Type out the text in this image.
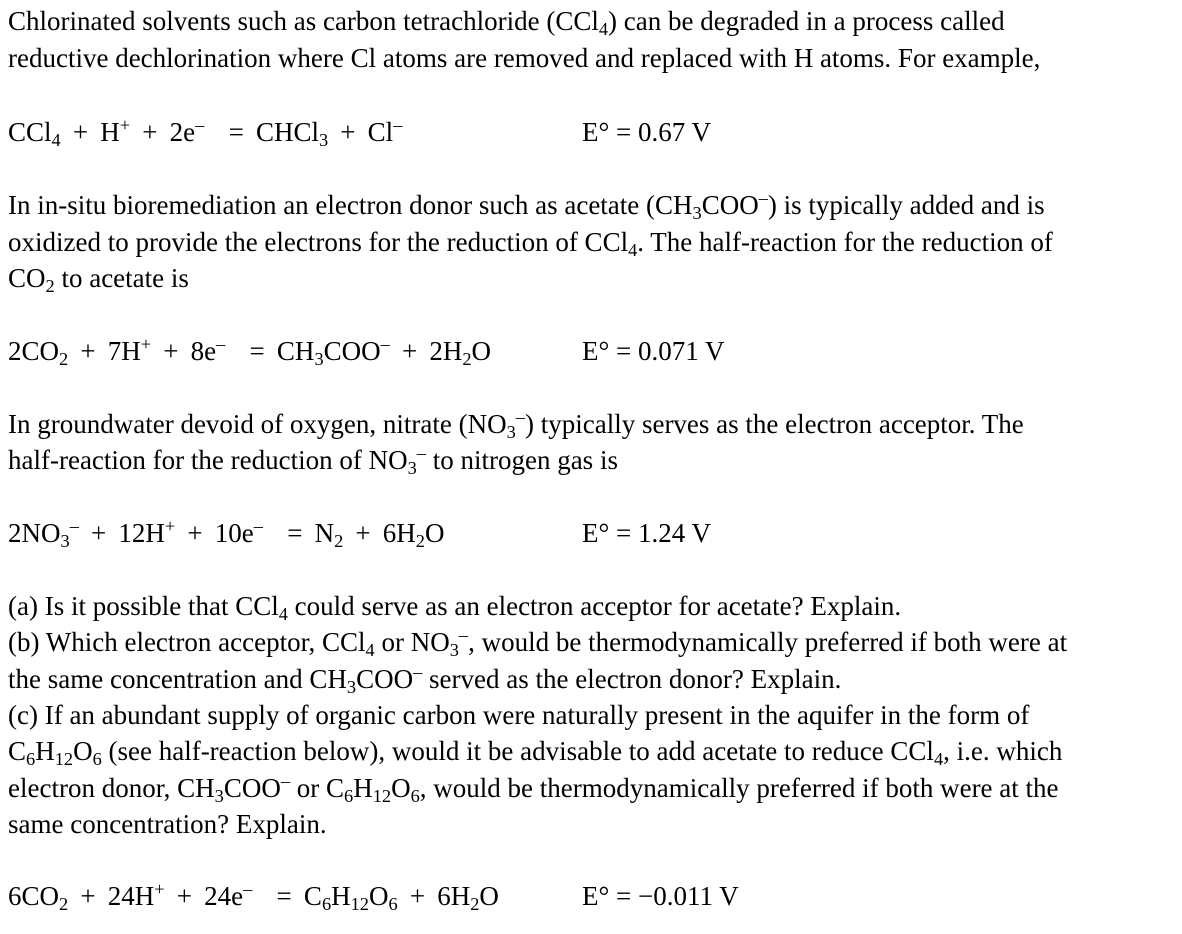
Chlorinated solvents such as carbon tetrachloride (CCl$_4$) can be degraded in a process called
reductive dechlorination where Cl atoms are removed and replaced with H atoms. For example,
CCl$_4$ + H+ + 2e– = CHCl$_3$ + Cl–	E° = 0.67 V
In in-situ bioremediation an electron donor such as acetate $(CH_3COO^-)$ is typically added and is
oxidized to provide the electrons for the reduction of CCl$_4$. The half-reaction for the reduction of
$CO_2$ to acetate is
$2CO_2 + 7H^+ + 8e^- = CH_3COO^- + 2H_2O$	E° = 0.071 V
In groundwater devoid of oxygen, nitrate $(NO_3^-)$ typically serves as the electron acceptor. The
half-reaction for the reduction of $NO_3^-$ to nitrogen gas is
$2NO_3^- + 12H^+ + 10e^- = N_2 + 6H_2O$	E° = 1.24 V
(a) Is it possible that CCl$_4$ could serve as an electron acceptor for acetate? Explain.
(b) Which electron acceptor, CCl$_4$ or $NO_3^-$, would be thermodynamically preferred if both were at
the same concentration and $CH_3COO^-$ served as the electron donor? Explain.
(c) If an abundant supply of organic carbon were naturally present in the aquifer in the form of
$C_6H_{12}O_6$ (see half-reaction below), would it be advisable to add acetate to reduce CCl$_4$, i.e. which
electron donor, $CH_3COO^-$ or $C_6H_{12}O_6$, would be thermodynamically preferred if both were at the
same concentration? Explain.
$6CO_2 + 24H^+ + 24e^- = C_6H_{12}O_6 + 6H_2O$	E° = −0.011 V
